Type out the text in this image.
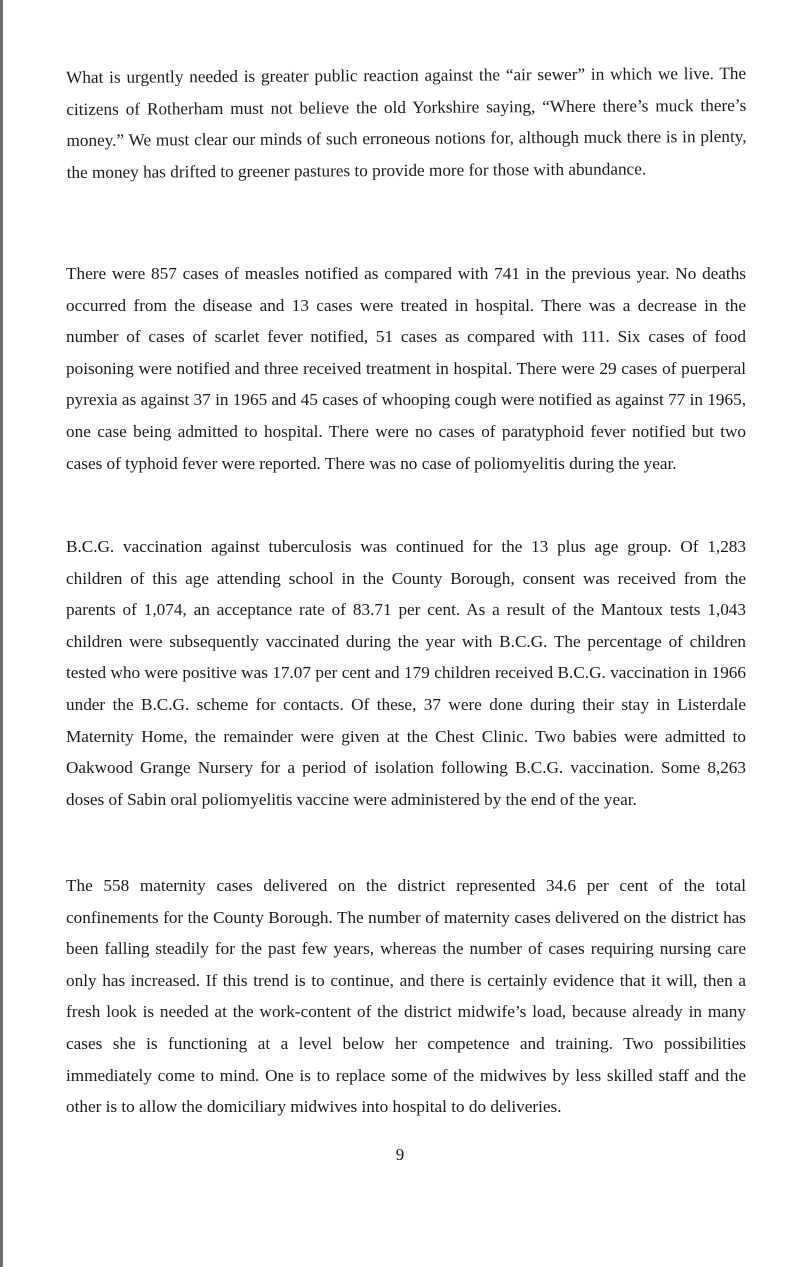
What is urgently needed is greater public reaction against the “air sewer” in which we live. The citizens of Rotherham must not believe the old Yorkshire saying, “Where there’s muck there’s money.” We must clear our minds of such erroneous notions for, although muck there is in plenty, the money has drifted to greener pastures to provide more for those with abundance.

There were 857 cases of measles notified as compared with 741 in the previous year. No deaths occurred from the disease and 13 cases were treated in hospital. There was a decrease in the number of cases of scarlet fever notified, 51 cases as compared with 111. Six cases of food poisoning were notified and three received treatment in hospital. There were 29 cases of puerperal pyrexia as against 37 in 1965 and 45 cases of whooping cough were notified as against 77 in 1965, one case being admitted to hospital. There were no cases of paratyphoid fever notified but two cases of typhoid fever were reported. There was no case of poliomyelitis during the year.

B.C.G. vaccination against tuberculosis was continued for the 13 plus age group. Of 1,283 children of this age attending school in the County Borough, consent was received from the parents of 1,074, an acceptance rate of 83.71 per cent. As a result of the Mantoux tests 1,043 children were subsequently vaccinated during the year with B.C.G. The percentage of children tested who were positive was 17.07 per cent and 179 children received B.C.G. vaccination in 1966 under the B.C.G. scheme for contacts. Of these, 37 were done during their stay in Listerdale Maternity Home, the remainder were given at the Chest Clinic. Two babies were admitted to Oakwood Grange Nursery for a period of isolation following B.C.G. vaccination. Some 8,263 doses of Sabin oral poliomyelitis vaccine were administered by the end of the year.

The 558 maternity cases delivered on the district represented 34.6 per cent of the total confinements for the County Borough. The number of maternity cases delivered on the district has been falling steadily for the past few years, whereas the number of cases requiring nursing care only has increased. If this trend is to continue, and there is certainly evidence that it will, then a fresh look is needed at the work-content of the district midwife’s load, because already in many cases she is functioning at a level below her competence and training. Two possibilities immediately come to mind. One is to replace some of the midwives by less skilled staff and the other is to allow the domiciliary midwives into hospital to do deliveries.

9
